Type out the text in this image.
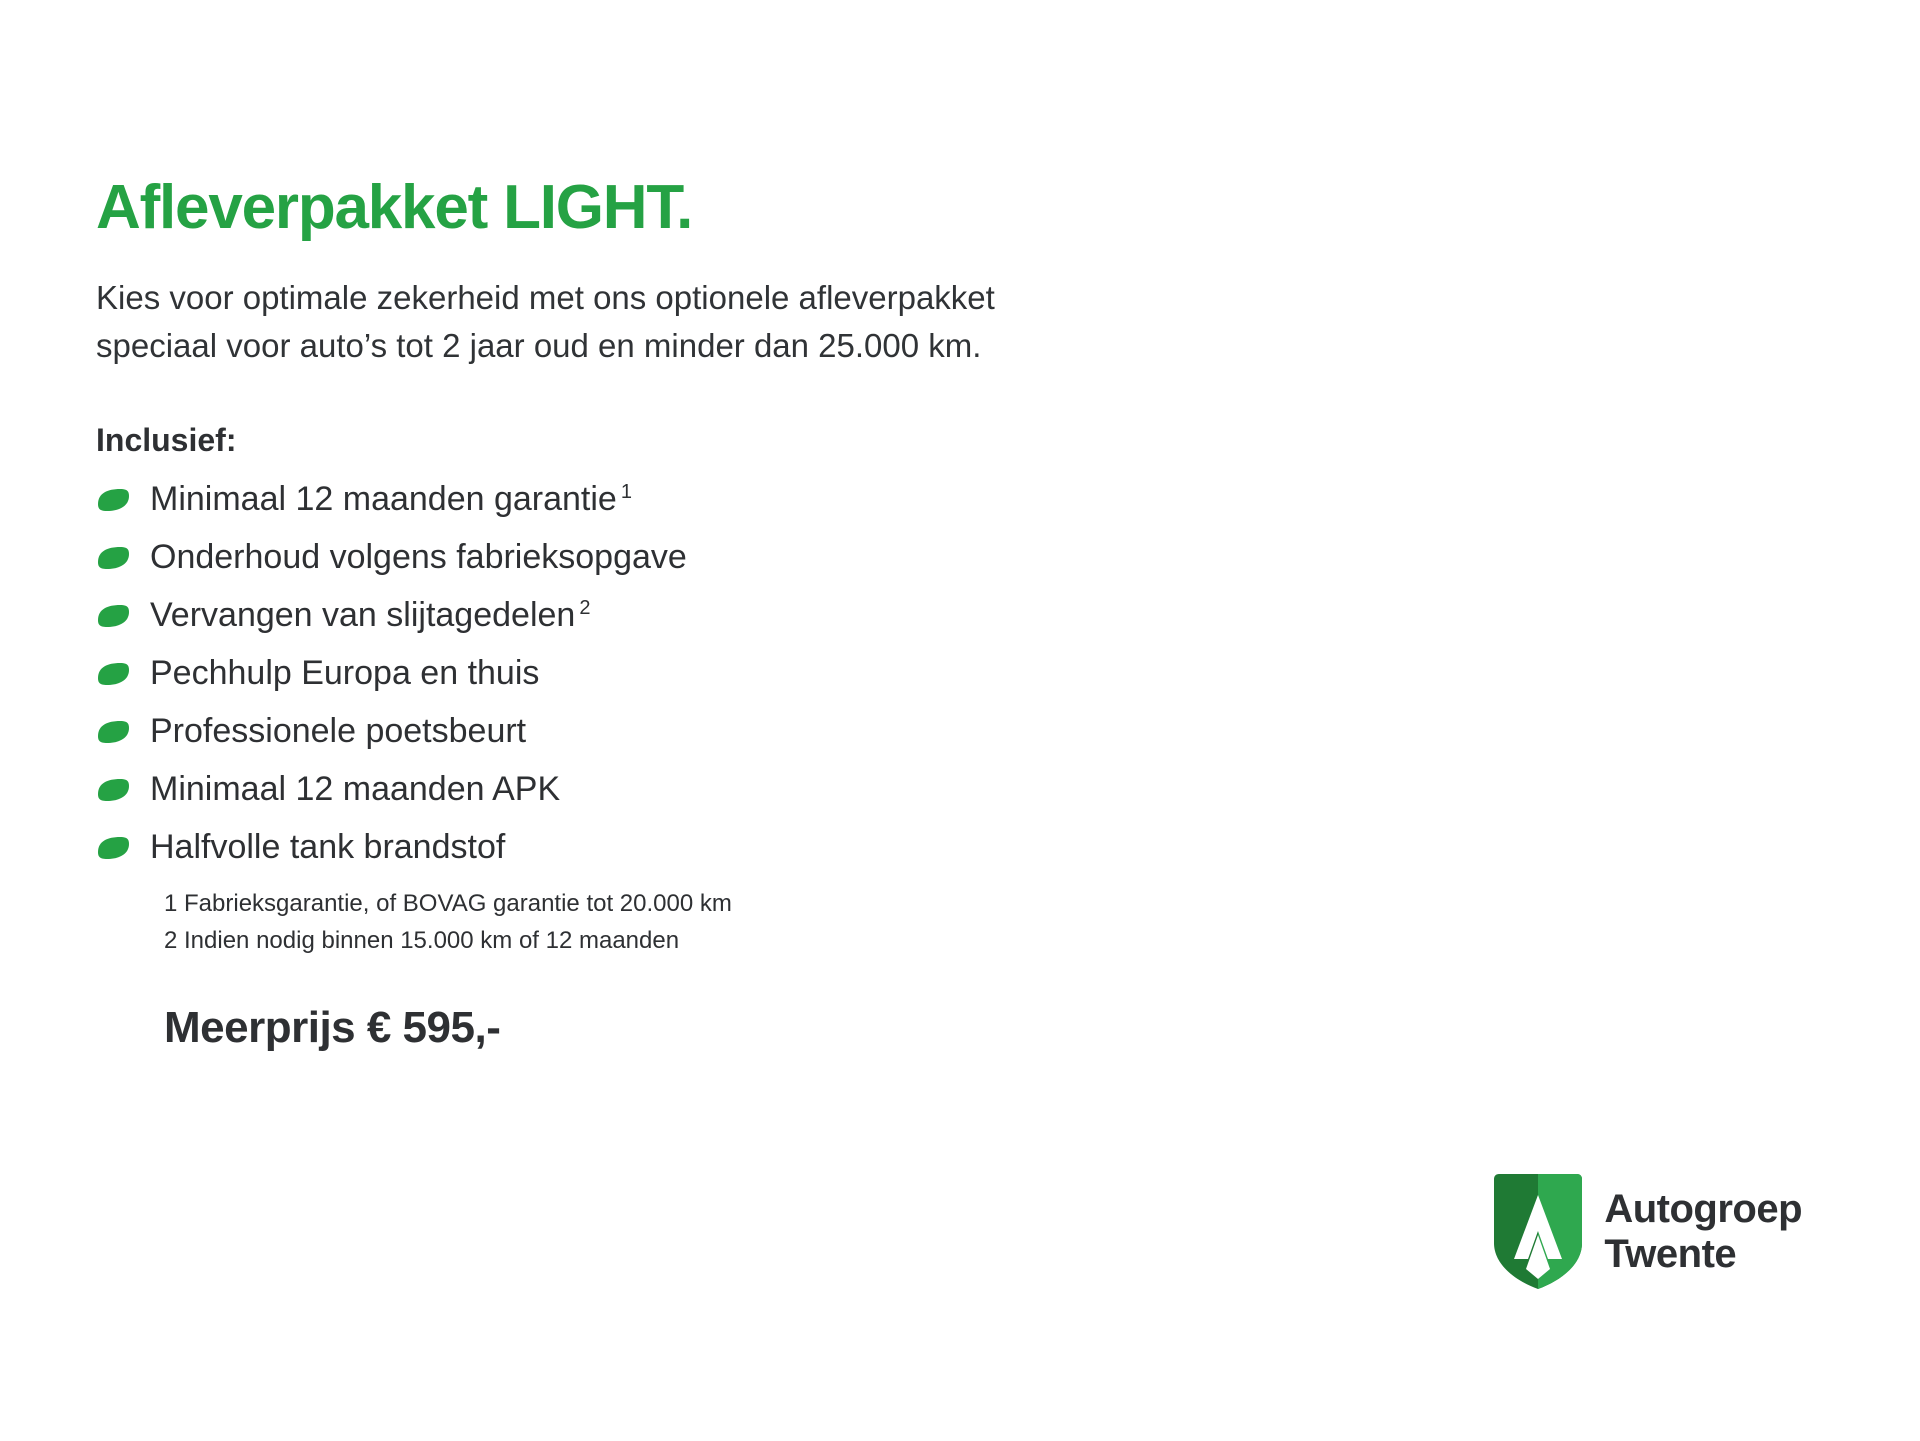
Afleverpakket LIGHT.

Kies voor optimale zekerheid met ons optionele afleverpakket
speciaal voor auto’s tot 2 jaar oud en minder dan 25.000 km.

Inclusief:
Minimaal 12 maanden garantie $^1$
Onderhoud volgens fabrieksopgave
Vervangen van slijtagedelen $^2$
Pechhulp Europa en thuis
Professionele poetsbeurt
Minimaal 12 maanden APK
Halfvolle tank brandstof
1 Fabrieksgarantie, of BOVAG garantie tot 20.000 km
2 Indien nodig binnen 15.000 km of 12 maanden
Meerprijs € 595,-
Autogroep
Twente
